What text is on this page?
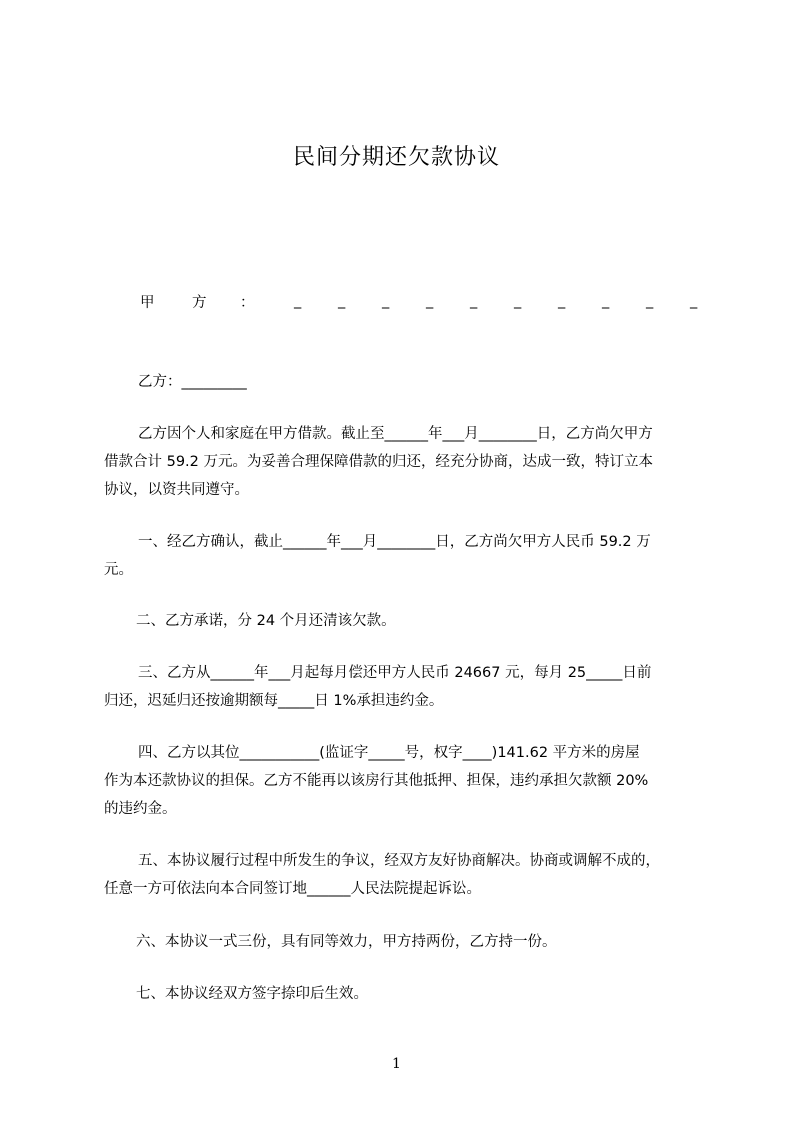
民间分期还欠款协议
甲	方 ：	_	_	_	_	_	_	_	_	_	_
乙方：_________
乙方因个人和家庭在甲方借款。截止至______年___月________日，乙方尚欠甲方
借款合计 59.2 万元。为妥善合理保障借款的归还，经充分协商，达成一致，特订立本
协议，以资共同遵守。
一、经乙方确认，截止______年___月________日，乙方尚欠甲方人民币 59.2 万
元。
二、乙方承诺，分 24 个月还清该欠款。
三、乙方从______年___月起每月偿还甲方人民币 24667 元，每月 25_____日前
归还，迟延归还按逾期额每_____日 1%承担违约金。
四、乙方以其位___________(监证字_____号，权字____)141.62 平方米的房屋
作为本还款协议的担保。乙方不能再以该房行其他抵押、担保，违约承担欠款额 20%
的违约金。
五、本协议履行过程中所发生的争议，经双方友好协商解决。协商或调解不成的，
任意一方可依法向本合同签订地______人民法院提起诉讼。
六、本协议一式三份，具有同等效力，甲方持两份，乙方持一份。
七、本协议经双方签字捺印后生效。
1
